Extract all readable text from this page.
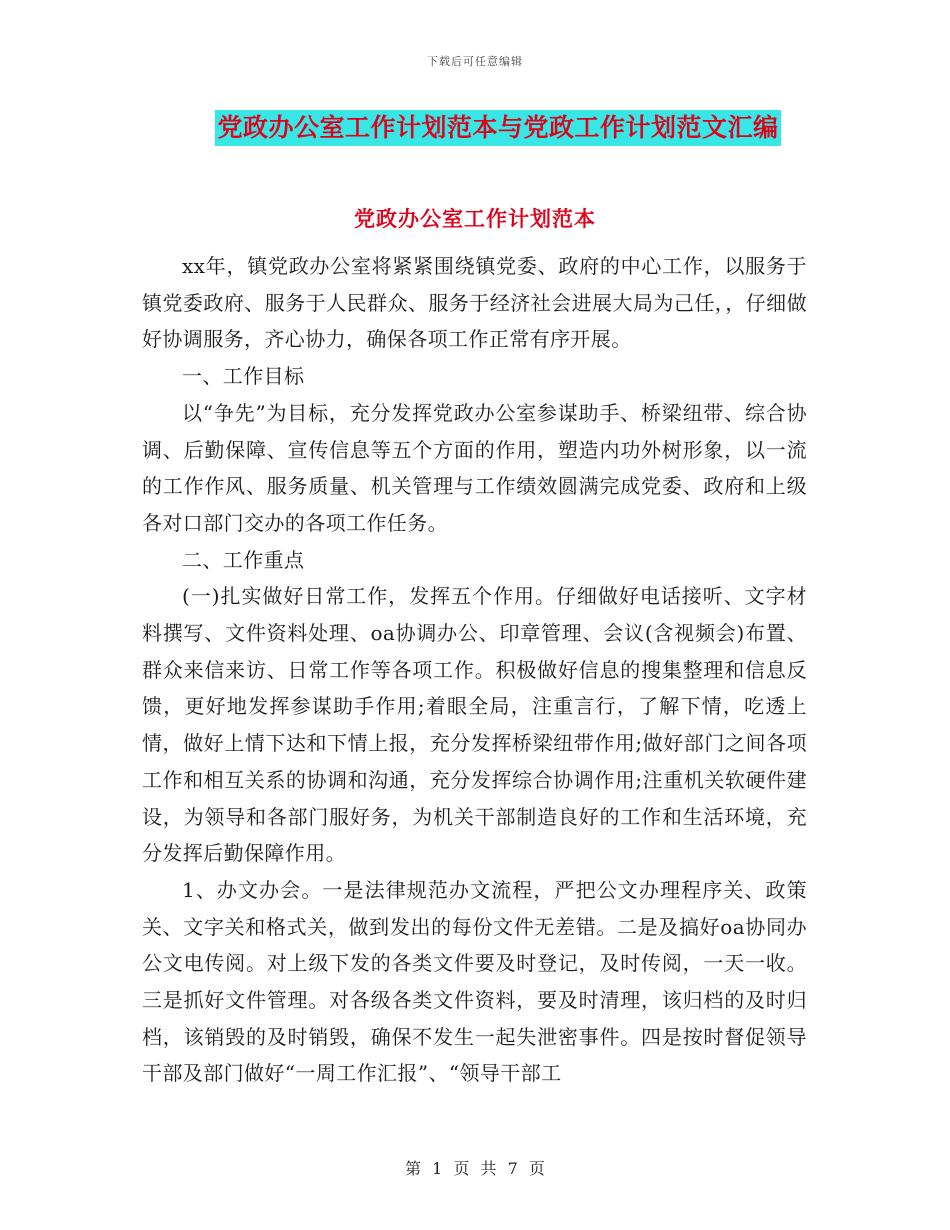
下载后可任意编辑
党政办公室工作计划范本与党政工作计划范文汇编
党政办公室工作计划范本

xx年，镇党政办公室将紧紧围绕镇党委、政府的中心工作，以服务于镇党委政府、服务于人民群众、服务于经济社会进展大局为己任，，仔细做好协调服务，齐心协力，确保各项工作正常有序开展。

一、工作目标

以“争先”为目标，充分发挥党政办公室参谋助手、桥梁纽带、综合协调、后勤保障、宣传信息等五个方面的作用，塑造内功外树形象，以一流的工作作风、服务质量、机关管理与工作绩效圆满完成党委、政府和上级各对口部门交办的各项工作任务。

二、工作重点

(一)扎实做好日常工作，发挥五个作用。仔细做好电话接听、文字材料撰写、文件资料处理、oa协调办公、印章管理、会议(含视频会)布置、群众来信来访、日常工作等各项工作。积极做好信息的搜集整理和信息反馈，更好地发挥参谋助手作用;着眼全局，注重言行，了解下情，吃透上情，做好上情下达和下情上报，充分发挥桥梁纽带作用;做好部门之间各项工作和相互关系的协调和沟通，充分发挥综合协调作用;注重机关软硬件建设，为领导和各部门服好务，为机关干部制造良好的工作和生活环境，充分发挥后勤保障作用。

1、办文办会。一是法律规范办文流程，严把公文办理程序关、政策关、文字关和格式关，做到发出的每份文件无差错。二是及搞好oa协同办公文电传阅。对上级下发的各类文件要及时登记，及时传阅，一天一收。三是抓好文件管理。对各级各类文件资料，要及时清理，该归档的及时归档，该销毁的及时销毁，确保不发生一起失泄密事件。四是按时督促领导干部及部门做好“一周工作汇报”、“领导干部工

第 1 页 共 7 页
